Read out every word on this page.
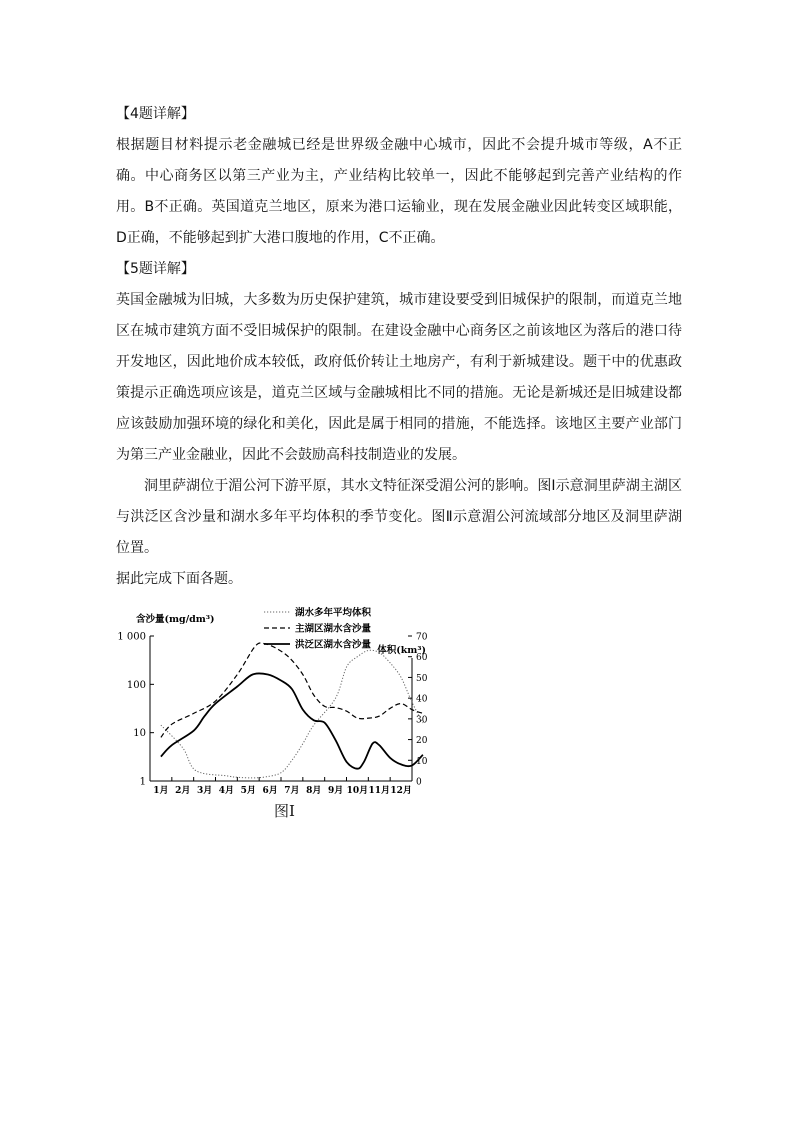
【4题详解】

根据题目材料提示老金融城已经是世界级金融中心城市，因此不会提升城市等级，A不正确。中心商务区以第三产业为主，产业结构比较单一，因此不能够起到完善产业结构的作用。B不正确。英国道克兰地区，原来为港口运输业，现在发展金融业因此转变区域职能，D正确，不能够起到扩大港口腹地的作用，C不正确。

【5题详解】

英国金融城为旧城，大多数为历史保护建筑，城市建设要受到旧城保护的限制，而道克兰地区在城市建筑方面不受旧城保护的限制。在建设金融中心商务区之前该地区为落后的港口待开发地区，因此地价成本较低，政府低价转让土地房产，有利于新城建设。题干中的优惠政策提示正确选项应该是，道克兰区域与金融城相比不同的措施。无论是新城还是旧城建设都应该鼓励加强环境的绿化和美化，因此是属于相同的措施，不能选择。该地区主要产业部门为第三产业金融业，因此不会鼓励高科技制造业的发展。

洞里萨湖位于湄公河下游平原，其水文特征深受湄公河的影响。图Ⅰ示意洞里萨湖主湖区与洪泛区含沙量和湖水多年平均体积的季节变化。图Ⅱ示意湄公河流域部分地区及洞里萨湖位置。

据此完成下面各题。

1
10
100
1 000
0
10
20
30
40
50
60
70
1月 2月 3月 4月 5月 6月 7月 8月 9月 10月 11月 12月
含沙量(mg/dm³)
体积(km³)
湖水多年平均体积
主湖区湖水含沙量
洪泛区湖水含沙量
图Ⅰ
